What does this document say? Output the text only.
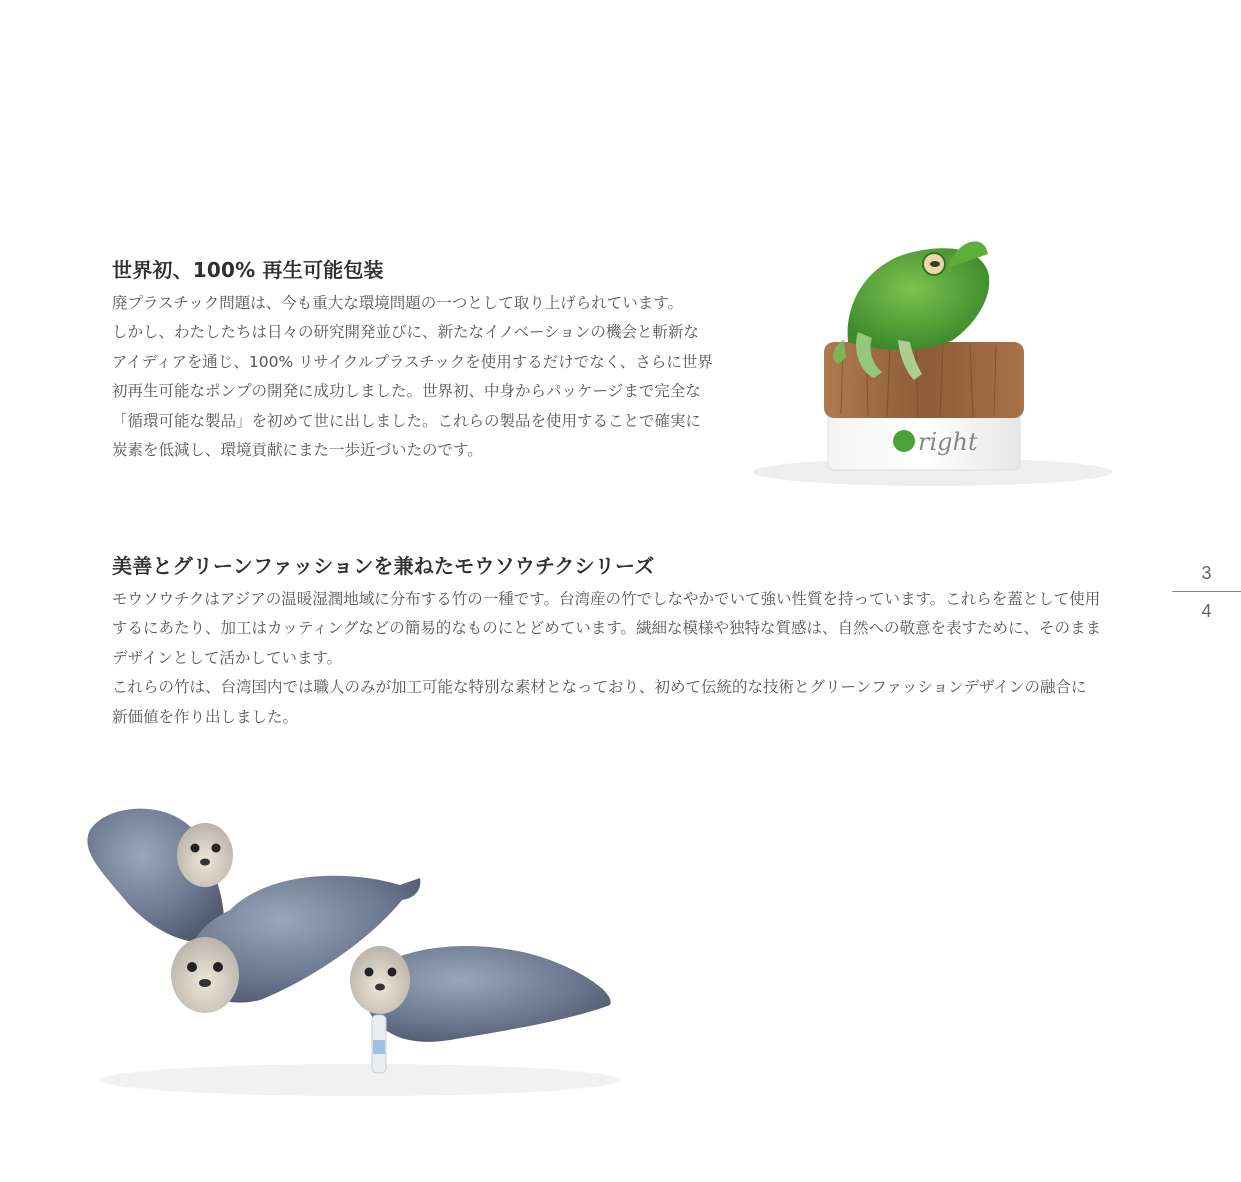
世界初、100% 再生可能包装

廃プラスチック問題は、今も重大な環境問題の一つとして取り上げられています。
しかし、わたしたちは日々の研究開発並びに、新たなイノベーションの機会と斬新な
アイディアを通じ、100% リサイクルプラスチックを使用するだけでなく、さらに世界
初再生可能なポンプの開発に成功しました。世界初、中身からパッケージまで完全な
「循環可能な製品」を初めて世に出しました。これらの製品を使用することで確実に
炭素を低減し、環境貢献にまた一歩近づいたのです。	right
美善とグリーンファッションを兼ねたモウソウチクシリーズ

モウソウチクはアジアの温暖湿潤地域に分布する竹の一種です。台湾産の竹でしなやかでいて強い性質を持っています。これらを蓋として使用
するにあたり、加工はカッティングなどの簡易的なものにとどめています。繊細な模様や独特な質感は、自然への敬意を表すために、そのまま
デザインとして活かしています。
これらの竹は、台湾国内では職人のみが加工可能な特別な素材となっており、初めて伝統的な技術とグリーンファッションデザインの融合に
新価値を作り出しました。

3
4
